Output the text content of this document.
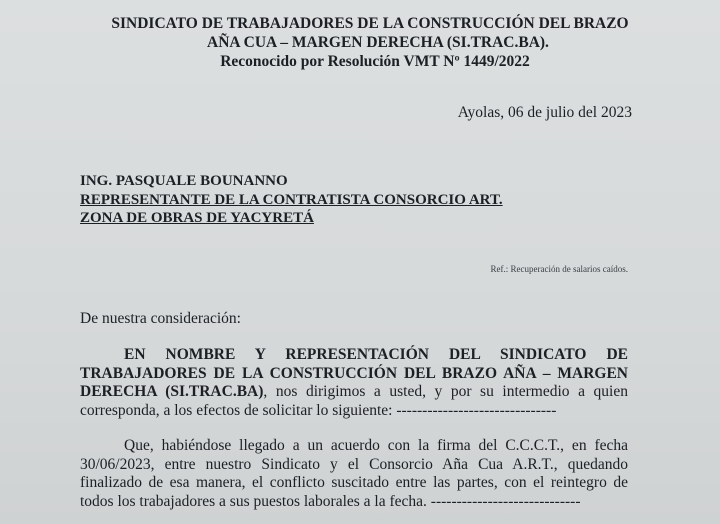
SINDICATO DE TRABAJADORES DE LA CONSTRUCCIÓN DEL BRAZO
AÑA CUA – MARGEN DERECHA (SI.TRAC.BA).
Reconocido por Resolución VMT Nº 1449/2022
Ayolas, 06 de julio del 2023
ING. PASQUALE BOUNANNO
REPRESENTANTE DE LA CONTRATISTA CONSORCIO ART.
ZONA DE OBRAS DE YACYRETÁ
Ref.: Recuperación de salarios caídos.
De nuestra consideración:
EN NOMBRE Y REPRESENTACIÓN DEL SINDICATO DE TRABAJADORES DE LA CONSTRUCCIÓN DEL BRAZO AÑA – MARGEN DERECHA (SI.TRAC.BA), nos dirigimos a usted, y por su intermedio a quien corresponda, a los efectos de solicitar lo siguiente: -------------------------------
Que, habiéndose llegado a un acuerdo con la firma del C.C.C.T., en fecha 30/06/2023, entre nuestro Sindicato y el Consorcio Aña Cua A.R.T., quedando finalizado de esa manera, el conflicto suscitado entre las partes, con el reintegro de todos los trabajadores a sus puestos laborales a la fecha. -----------------------------
